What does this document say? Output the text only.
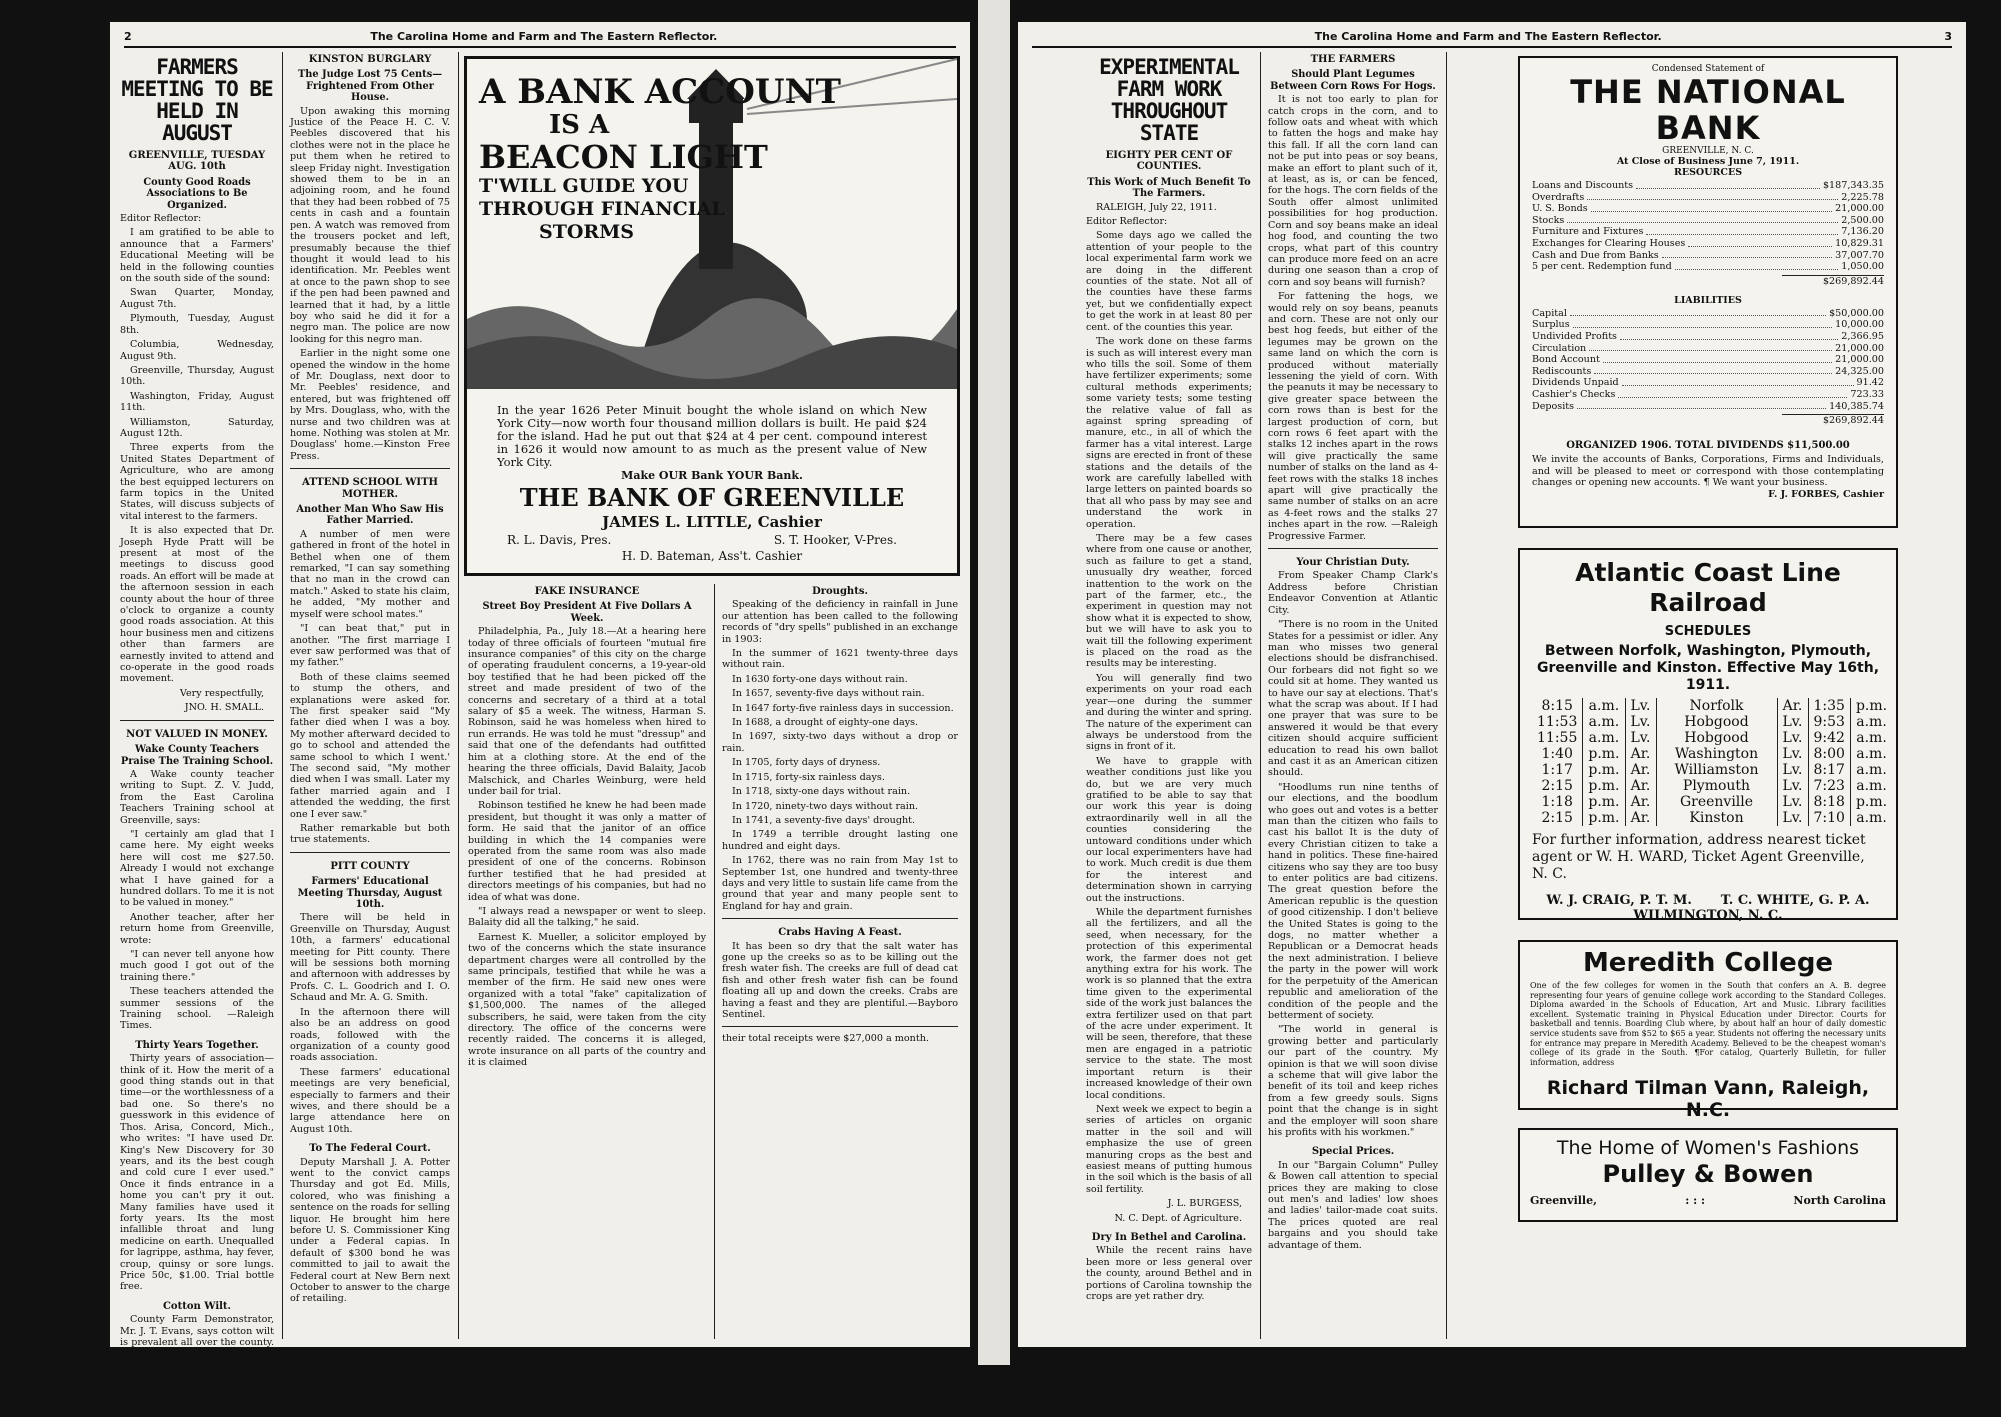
2	The Carolina Home and Farm and The Eastern Reflector.
FARMERS MEETING TO BE HELD IN AUGUST
GREENVILLE, TUESDAY AUG. 10th
County Good Roads Associations to Be Organized.

Editor Reflector:

I am gratified to be able to announce that a Farmers' Educational Meeting will be held in the following counties on the south side of the sound:

Swan Quarter, Monday, August 7th.

Plymouth, Tuesday, August 8th.

Columbia, Wednesday, August 9th.

Greenville, Thursday, August 10th.

Washington, Friday, August 11th.

Williamston, Saturday, August 12th.

Three experts from the United States Department of Agriculture, who are among the best equipped lecturers on farm topics in the United States, will discuss subjects of vital interest to the farmers.

It is also expected that Dr. Joseph Hyde Pratt will be present at most of the meetings to discuss good roads. An effort will be made at the afternoon session in each county about the hour of three o'clock to organize a county good roads association. At this hour business men and citizens other than farmers are earnestly invited to attend and co-operate in the good roads movement.

Very respectfully,

JNO. H. SMALL.

NOT VALUED IN MONEY.
Wake County Teachers Praise The Training School.

A Wake county teacher writing to Supt. Z. V. Judd, from the East Carolina Teachers Training school at Greenville, says:

"I certainly am glad that I came here. My eight weeks here will cost me $27.50. Already I would not exchange what I have gained for a hundred dollars. To me it is not to be valued in money."

Another teacher, after her return home from Greenville, wrote:

"I can never tell anyone how much good I got out of the training there."

These teachers attended the summer sessions of the Training school. —Raleigh Times.

Thirty Years Together.

Thirty years of association—think of it. How the merit of a good thing stands out in that time—or the worthlessness of a bad one. So there's no guesswork in this evidence of Thos. Arisa, Concord, Mich., who writes: "I have used Dr. King's New Discovery for 30 years, and its the best cough and cold cure I ever used." Once it finds entrance in a home you can't pry it out. Many families have used it forty years. Its the most infallible throat and lung medicine on earth. Unequalled for lagrippe, asthma, hay fever, croup, quinsy or sore lungs. Price 50c, $1.00. Trial bottle free.

Cotton Wilt.

County Farm Demonstrator, Mr. J. T. Evans, says cotton wilt is prevalent all over the county. As yet he has found only one farm that is seriously affected. The cotton on this one being considerably damaged. He also has the matter up with the state department.

KINSTON BURGLARY
The Judge Lost 75 Cents—Frightened From Other House.

Upon awaking this morning Justice of the Peace H. C. V. Peebles discovered that his clothes were not in the place he put them when he retired to sleep Friday night. Investigation showed them to be in an adjoining room, and he found that they had been robbed of 75 cents in cash and a fountain pen. A watch was removed from the trousers pocket and left, presumably because the thief thought it would lead to his identification. Mr. Peebles went at once to the pawn shop to see if the pen had been pawned and learned that it had, by a little boy who said he did it for a negro man. The police are now looking for this negro man.

Earlier in the night some one opened the window in the home of Mr. Douglass, next door to Mr. Peebles' residence, and entered, but was frightened off by Mrs. Douglass, who, with the nurse and two children was at home. Nothing was stolen at Mr. Douglass' home.—Kinston Free Press.

ATTEND SCHOOL WITH MOTHER.
Another Man Who Saw His Father Married.

A number of men were gathered in front of the hotel in Bethel when one of them remarked, "I can say something that no man in the crowd can match." Asked to state his claim, he added, "My mother and myself were school mates."

"I can beat that," put in another. "The first marriage I ever saw performed was that of my father."

Both of these claims seemed to stump the others, and explanations were asked for. The first speaker said "My father died when I was a boy. My mother afterward decided to go to school and attended the same school to which I went.' The second said, "My mother died when I was small. Later my father married again and I attended the wedding, the first one I ever saw."

Rather remarkable but both true statements.

PITT COUNTY
Farmers' Educational Meeting Thursday, August 10th.

There will be held in Greenville on Thursday, August 10th, a farmers' educational meeting for Pitt county. There will be sessions both morning and afternoon with addresses by Profs. C. L. Goodrich and I. O. Schaud and Mr. A. G. Smith.

In the afternoon there will also be an address on good roads, followed with the organization of a county good roads association.

These farmers' educational meetings are very beneficial, especially to farmers and their wives, and there should be a large attendance here on August 10th.

To The Federal Court.

Deputy Marshall J. A. Potter went to the convict camps Thursday and got Ed. Mills, colored, who was finishing a sentence on the roads for selling liquor. He brought him here before U. S. Commissioner King under a Federal capias. In default of $300 bond he was committed to jail to await the Federal court at New Bern next October to answer to the charge of retailing.

A BANK ACCOUNT
IS A
BEACON LIGHT
T'WILL GUIDE YOU
THROUGH FINANCIAL
STORMS
In the year 1626 Peter Minuit bought the whole island on which New York City—now worth four thousand million dollars is built. He paid $24 for the island. Had he put out that $24 at 4 per cent. compound interest in 1626 it would now amount to as much as the present value of New York City.
Make OUR Bank YOUR Bank.
THE BANK OF GREENVILLE
JAMES L. LITTLE, Cashier
R. L. Davis, Pres.	S. T. Hooker, V-Pres.
H. D. Bateman, Ass't. Cashier
FAKE INSURANCE
Street Boy President At Five Dollars A Week.

Philadelphia, Pa., July 18.—At a hearing here today of three officials of fourteen "mutual fire insurance companies" of this city on the charge of operating fraudulent concerns, a 19-year-old boy testified that he had been picked off the street and made president of two of the concerns and secretary of a third at a total salary of $5 a week. The witness, Harman S. Robinson, said he was homeless when hired to run errands. He was told he must "dressup" and said that one of the defendants had outfitted him at a clothing store. At the end of the hearing the three officials, David Balaity, Jacob Malschick, and Charles Weinburg, were held under bail for trial.

Robinson testified he knew he had been made president, but thought it was only a matter of form. He said that the janitor of an office building in which the 14 companies were operated from the same room was also made president of one of the concerns. Robinson further testified that he had presided at directors meetings of his companies, but had no idea of what was done.

"I always read a newspaper or went to sleep. Balaity did all the talking," he said.

Earnest K. Mueller, a solicitor employed by two of the concerns which the state insurance department charges were all controlled by the same principals, testified that while he was a member of the firm. He said new ones were organized with a total "fake" capitalization of $1,500,000. The names of the alleged subscribers, he said, were taken from the city directory. The office of the concerns were recently raided. The concerns it is alleged, wrote insurance on all parts of the country and it is claimed

Droughts.

Speaking of the deficiency in rainfall in June our attention has been called to the following records of "dry spells" published in an exchange in 1903:

In the summer of 1621 twenty-three days without rain.

In 1630 forty-one days without rain.

In 1657, seventy-five days without rain.

In 1647 forty-five rainless days in succession.

In 1688, a drought of eighty-one days.

In 1697, sixty-two days without a drop or rain.

In 1705, forty days of dryness.

In 1715, forty-six rainless days.

In 1718, sixty-one days without rain.

In 1720, ninety-two days without rain.

In 1741, a seventy-five days' drought.

In 1749 a terrible drought lasting one hundred and eight days.

In 1762, there was no rain from May 1st to September 1st, one hundred and twenty-three days and very little to sustain life came from the ground that year and many people sent to England for hay and grain.

Crabs Having A Feast.

It has been so dry that the salt water has gone up the creeks so as to be killing out the fresh water fish. The creeks are full of dead cat fish and other fresh water fish can be found floating all up and down the creeks. Crabs are having a feast and they are plentiful.—Bayboro Sentinel.

their total receipts were $27,000 a month.

The Carolina Home and Farm and The Eastern Reflector.	3
EXPERIMENTAL FARM WORK THROUGHOUT STATE
EIGHTY PER CENT OF COUNTIES.
This Work of Much Benefit To The Farmers.

RALEIGH, July 22, 1911.

Editor Reflector:

Some days ago we called the attention of your people to the local experimental farm work we are doing in the different counties of the state. Not all of the counties have these farms yet, but we confidentially expect to get the work in at least 80 per cent. of the counties this year.

The work done on these farms is such as will interest every man who tills the soil. Some of them have fertilizer experiments; some cultural methods experiments; some variety tests; some testing the relative value of fall as against spring spreading of manure, etc., in all of which the farmer has a vital interest. Large signs are erected in front of these stations and the details of the work are carefully labelled with large letters on painted boards so that all who pass by may see and understand the work in operation.

There may be a few cases where from one cause or another, such as failure to get a stand, unusually dry weather, forced inattention to the work on the part of the farmer, etc., the experiment in question may not show what it is expected to show, but we will have to ask you to wait till the following experiment is placed on the road as the results may be interesting.

You will generally find two experiments on your road each year—one during the summer and during the winter and spring. The nature of the experiment can always be understood from the signs in front of it.

We have to grapple with weather conditions just like you do, but we are very much gratified to be able to say that our work this year is doing extraordinarily well in all the counties considering the untoward conditions under which our local experimenters have had to work. Much credit is due them for the interest and determination shown in carrying out the instructions.

While the department furnishes all the fertilizers, and all the seed, when necessary, for the protection of this experimental work, the farmer does not get anything extra for his work. The work is so planned that the extra time given to the experimental side of the work just balances the extra fertilizer used on that part of the acre under experiment. It will be seen, therefore, that these men are engaged in a patriotic service to the state. The most important return is their increased knowledge of their own local conditions.

Next week we expect to begin a series of articles on organic matter in the soil and will emphasize the use of green manuring crops as the best and easiest means of putting humous in the soil which is the basis of all soil fertility.

J. L. BURGESS,

N. C. Dept. of Agriculture.

Dry In Bethel and Carolina.

While the recent rains have been more or less general over the county, around Bethel and in portions of Carolina township the crops are yet rather dry.

THE FARMERS
Should Plant Legumes Between Corn Rows For Hogs.

It is not too early to plan for catch crops in the corn, and to follow oats and wheat with which to fatten the hogs and make hay this fall. If all the corn land can not be put into peas or soy beans, make an effort to plant such of it, at least, as is, or can be fenced, for the hogs. The corn fields of the South offer almost unlimited possibilities for hog production. Corn and soy beans make an ideal hog food, and counting the two crops, what part of this country can produce more feed on an acre during one season than a crop of corn and soy beans will furnish?

For fattening the hogs, we would rely on soy beans, peanuts and corn. These are not only our best hog feeds, but either of the legumes may be grown on the same land on which the corn is produced without materially lessening the yield of corn. With the peanuts it may be necessary to give greater space between the corn rows than is best for the largest production of corn, but corn rows 6 feet apart with the stalks 12 inches apart in the rows will give practically the same number of stalks on the land as 4-feet rows with the stalks 18 inches apart will give practically the same number of stalks on an acre as 4-feet rows and the stalks 27 inches apart in the row. —Raleigh Progressive Farmer.

Your Christian Duty.

From Speaker Champ Clark's Address before Christian Endeavor Convention at Atlantic City.

"There is no room in the United States for a pessimist or idler. Any man who misses two general elections should be disfranchised. Our forbears did not fight so we could sit at home. They wanted us to have our say at elections. That's what the scrap was about. If I had one prayer that was sure to be answered it would be that every citizen should acquire sufficient education to read his own ballot and cast it as an American citizen should.

"Hoodlums run nine tenths of our elections, and the boodlum who goes out and votes is a better man than the citizen who fails to cast his ballot It is the duty of every Christian citizen to take a hand in politics. These fine-haired citizens who say they are too busy to enter politics are bad citizens. The great question before the American republic is the question of good citizenship. I don't believe the United States is going to the dogs, no matter whether a Republican or a Democrat heads the next administration. I believe the party in the power will work for the perpetuity of the American republic and amelioration of the condition of the people and the betterment of society.

"The world in general is growing better and particularly our part of the country. My opinion is that we will soon divise a scheme that will give labor the benefit of its toil and keep riches from a few greedy souls. Signs point that the change is in sight and the employer will soon share his profits with his workmen."

Special Prices.

In our "Bargain Column" Pulley & Bowen call attention to special prices they are making to close out men's and ladies' low shoes and ladies' tailor-made coat suits. The prices quoted are real bargains and you should take advantage of them.

Condensed Statement of
THE NATIONAL BANK
GREENVILLE, N. C.
At Close of Business June 7, 1911.
RESOURCES
Loans and Discounts	$187,343.35
Overdrafts	2,225.78
U. S. Bonds	21,000.00
Stocks	2,500.00
Furniture and Fixtures	7,136.20
Exchanges for Clearing Houses	10,829.31
Cash and Due from Banks	37,007.70
5 per cent. Redemption fund	1,050.00
$269,892.44
LIABILITIES
Capital	$50,000.00
Surplus	10,000.00
Undivided Profits	2,366.95
Circulation	21,000.00
Bond Account	21,000.00
Rediscounts	24,325.00
Dividends Unpaid	91.42
Cashier's Checks	723.33
Deposits	140,385.74
$269,892.44
ORGANIZED 1906. TOTAL DIVIDENDS $11,500.00
We invite the accounts of Banks, Corporations, Firms and Individuals, and will be pleased to meet or correspond with those contemplating changes or opening new accounts. ¶ We want your business.
F. J. FORBES, Cashier
Atlantic Coast Line Railroad
SCHEDULES
Between Norfolk, Washington, Plymouth, Greenville and Kinston. Effective May 16th, 1911.
8:15	a.m.	Lv.	Norfolk	Ar.	1:35	p.m.
11:53	a.m.	Lv.	Hobgood	Lv.	9:53	a.m.
11:55	a.m.	Lv.	Hobgood	Lv.	9:42	a.m.
1:40	p.m.	Ar.	Washington	Lv.	8:00	a.m.
1:17	p.m.	Ar.	Williamston	Lv.	8:17	a.m.
2:15	p.m.	Ar.	Plymouth	Lv.	7:23	a.m.
1:18	p.m.	Ar.	Greenville	Lv.	8:18	p.m.
2:15	p.m.	Ar.	Kinston	Lv.	7:10	a.m.
For further information, address nearest ticket agent or W. H. WARD, Ticket Agent Greenville, N. C.
W. J. CRAIG, P. T. M. T. C. WHITE, G. P. A.
WILMINGTON, N. C.
Meredith College
One of the few colleges for women in the South that confers an A. B. degree representing four years of genuine college work according to the Standard Colleges. Diploma awarded in the Schools of Education, Art and Music. Library facilities excellent. Systematic training in Physical Education under Director. Courts for basketball and tennis. Boarding Club where, by about half an hour of daily domestic service students save from $52 to $65 a year. Students not offering the necessary units for entrance may prepare in Meredith Academy. Believed to be the cheapest woman's college of its grade in the South. ¶For catalog, Quarterly Bulletin, for fuller information, address
Richard Tilman Vann, Raleigh, N.C.
The Home of Women's Fashions
Pulley & Bowen
Greenville,	: : :	North Carolina
